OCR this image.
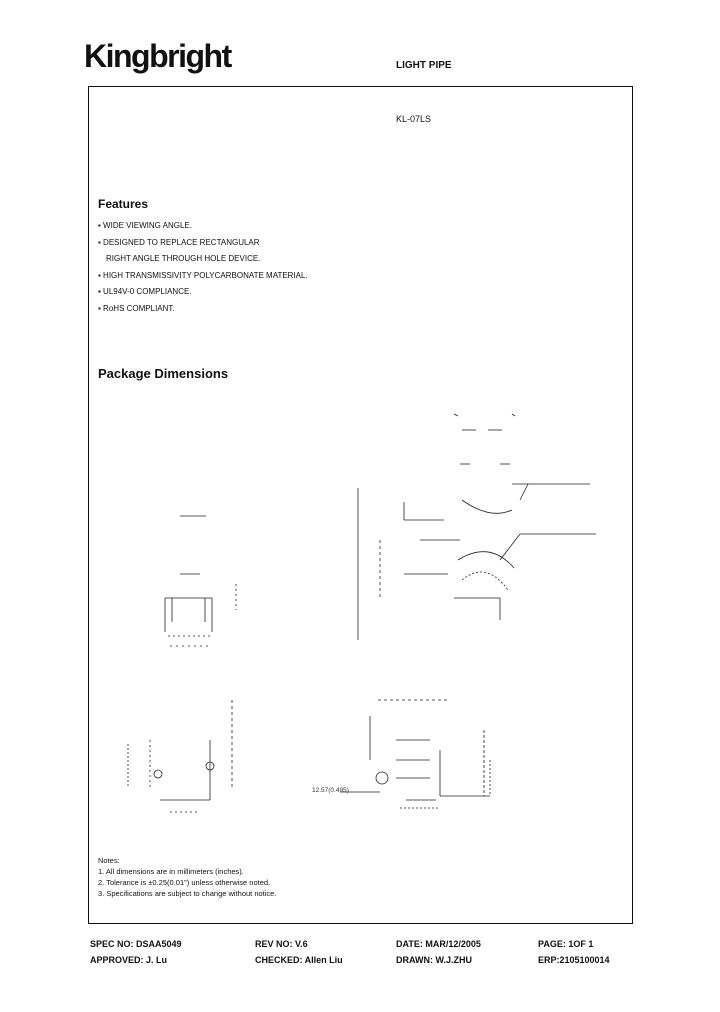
Kingbright	LIGHT PIPE
KL-07LS
Features
▪ WIDE VIEWING ANGLE.
▪ DESIGNED TO REPLACE RECTANGULAR
RIGHT ANGLE THROUGH HOLE DEVICE.
▪ HIGH TRANSMISSIVITY POLYCARBONATE MATERIAL.
▪ UL94V-0 COMPLIANCE.
▪ RoHS COMPLIANT.
Package Dimensions
12.57(0.495)
Notes:
1. All dimensions are in millimeters (inches).
2. Tolerance is ±0.25(0.01") unless otherwise noted.
3. Specifications are subject to change without notice.
SPEC NO: DSAA5049	REV NO: V.6	DATE: MAR/12/2005	PAGE: 1OF 1
APPROVED: J. Lu	CHECKED: Allen Liu	DRAWN: W.J.ZHU	ERP:2105100014
